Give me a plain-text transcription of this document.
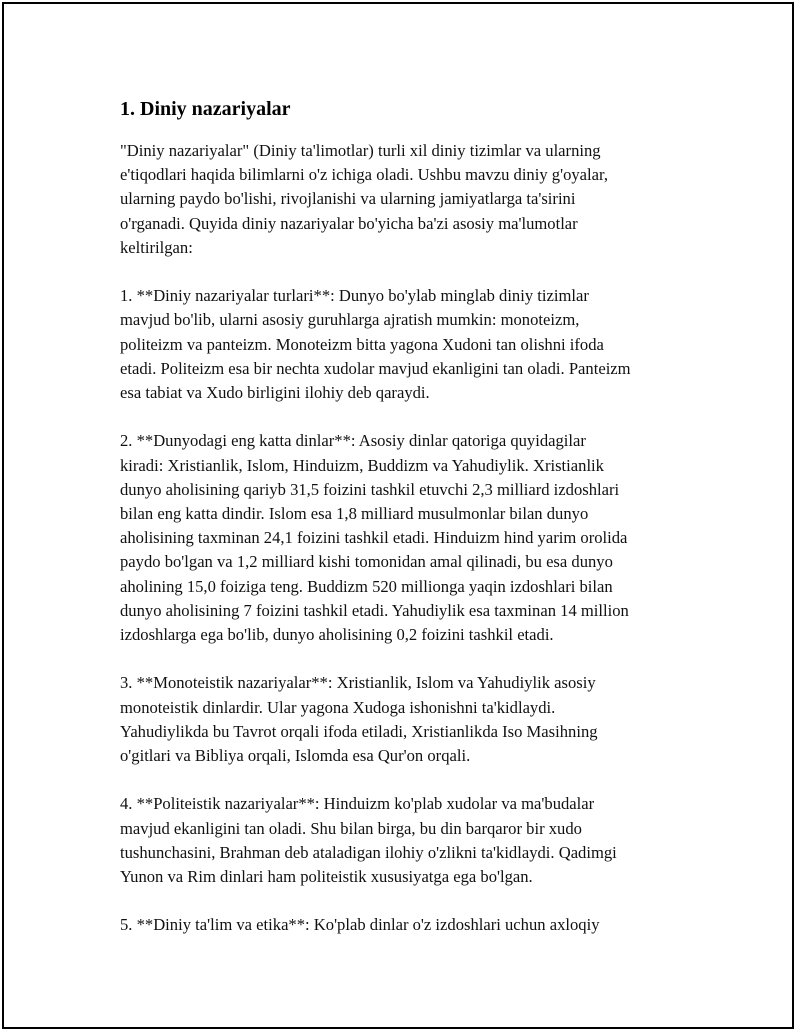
1. Diniy nazariyalar
"Diniy nazariyalar" (Diniy ta'limotlar) turli xil diniy tizimlar va ularning
e'tiqodlari haqida bilimlarni o'z ichiga oladi. Ushbu mavzu diniy g'oyalar,
ularning paydo bo'lishi, rivojlanishi va ularning jamiyatlarga ta'sirini
o'rganadi. Quyida diniy nazariyalar bo'yicha ba'zi asosiy ma'lumotlar
keltirilgan:
1. **Diniy nazariyalar turlari**: Dunyo bo'ylab minglab diniy tizimlar
mavjud bo'lib, ularni asosiy guruhlarga ajratish mumkin: monoteizm,
politeizm va panteizm. Monoteizm bitta yagona Xudoni tan olishni ifoda
etadi. Politeizm esa bir nechta xudolar mavjud ekanligini tan oladi. Panteizm
esa tabiat va Xudo birligini ilohiy deb qaraydi.
2. **Dunyodagi eng katta dinlar**: Asosiy dinlar qatoriga quyidagilar
kiradi: Xristianlik, Islom, Hinduizm, Buddizm va Yahudiylik. Xristianlik
dunyo aholisining qariyb 31,5 foizini tashkil etuvchi 2,3 milliard izdoshlari
bilan eng katta dindir. Islom esa 1,8 milliard musulmonlar bilan dunyo
aholisining taxminan 24,1 foizini tashkil etadi. Hinduizm hind yarim orolida
paydo bo'lgan va 1,2 milliard kishi tomonidan amal qilinadi, bu esa dunyo
aholining 15,0 foiziga teng. Buddizm 520 millionga yaqin izdoshlari bilan
dunyo aholisining 7 foizini tashkil etadi. Yahudiylik esa taxminan 14 million
izdoshlarga ega bo'lib, dunyo aholisining 0,2 foizini tashkil etadi.
3. **Monoteistik nazariyalar**: Xristianlik, Islom va Yahudiylik asosiy
monoteistik dinlardir. Ular yagona Xudoga ishonishni ta'kidlaydi.
Yahudiylikda bu Tavrot orqali ifoda etiladi, Xristianlikda Iso Masihning
o'gitlari va Bibliya orqali, Islomda esa Qur'on orqali.
4. **Politeistik nazariyalar**: Hinduizm ko'plab xudolar va ma'budalar
mavjud ekanligini tan oladi. Shu bilan birga, bu din barqaror bir xudo
tushunchasini, Brahman deb ataladigan ilohiy o'zlikni ta'kidlaydi. Qadimgi
Yunon va Rim dinlari ham politeistik xususiyatga ega bo'lgan.
5. **Diniy ta'lim va etika**: Ko'plab dinlar o'z izdoshlari uchun axloqiy
